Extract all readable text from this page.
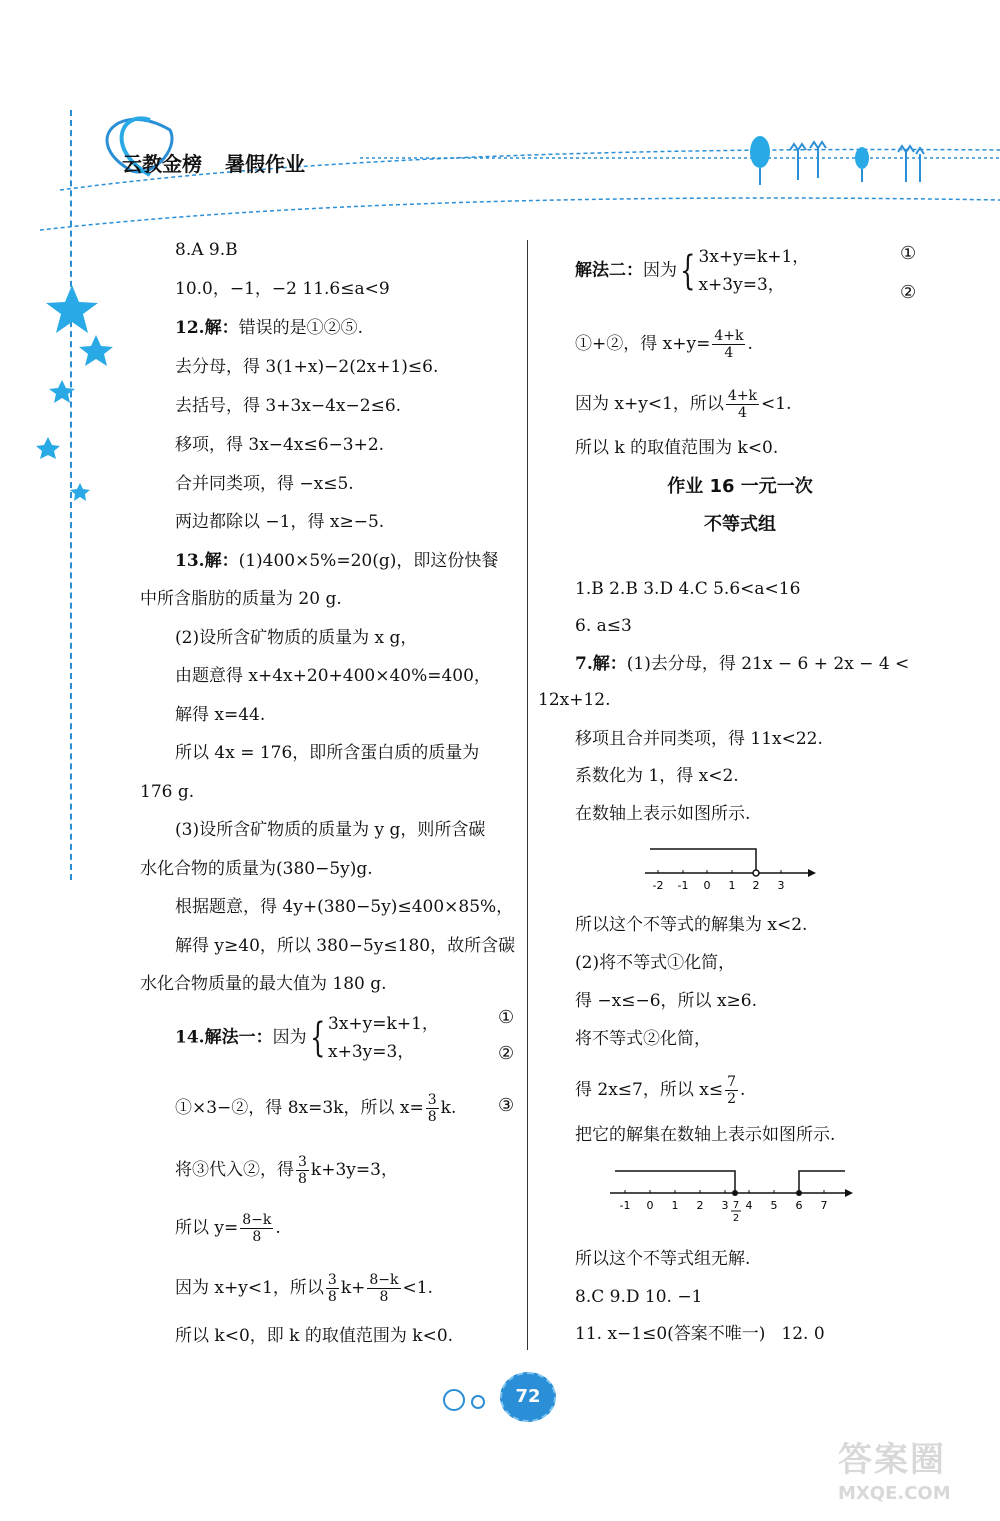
云教金榜 暑假作业
8.A 9.B
10.0，−1，−2 11.6≤a<9
12.解：错误的是①②⑤.
去分母，得 3(1+x)−2(2x+1)≤6.
去括号，得 3+3x−4x−2≤6.
移项，得 3x−4x≤6−3+2.
合并同类项，得 −x≤5.
两边都除以 −1，得 x≥−5.
13.解：(1)400×5%=20(g)，即这份快餐
中所含脂肪的质量为 20 g.
(2)设所含矿物质的质量为 x g，
由题意得 x+4x+20+400×40%=400，
解得 x=44.
所以 4x = 176，即所含蛋白质的质量为
176 g.
(3)设所含矿物质的质量为 y g，则所含碳
水化合物的质量为(380−5y)g.
根据题意，得 4y+(380−5y)≤400×85%，
解得 y≥40，所以 380−5y≤180，故所含碳
水化合物质量的最大值为 180 g.
14.解法一：因为{ 3x+y=k+1，
x+3y=3，
①
②
①×3−②，得 8x=3k，所以 $x= \frac{3}{8} k$. ③
将③代入②，得 $\frac{3}{8} k+3y=3$，
所以 $y= \frac{8-k}{8}$ .
因为 x+y<1，所以 $\frac{3}{8} k+ \frac{8-k}{8} <1$.
所以 k<0，即 k 的取值范围为 k<0.
解法二：因为{ 3x+y=k+1，
x+3y=3，
①
②
①+②，得 $x+y= \frac{4+k}{4}$ .
因为 x+y<1，所以 $\frac{4+k}{4} <1$.
所以 k 的取值范围为 k<0.
作业 16 一元一次
不等式组
1.B 2.B 3.D 4.C 5.6<a<16
6. a≤3
7.解：(1)去分母，得 21x − 6 + 2x − 4 <
12x+12.
移项且合并同类项，得 11x<22.
系数化为 1，得 x<2.
在数轴上表示如图所示.
-2 -1 0 1 2 3
所以这个不等式的解集为 x<2.
(2)将不等式①化简，
得 −x≤−6，所以 x≥6.
将不等式②化简，
得 2x≤7，所以 $x\le \frac{7}{2}$ .
把它的解集在数轴上表示如图所示.
-1 0 1 2 3 4 5 6 7
7
2
所以这个不等式组无解.
8.C 9.D 10. −1
11. x−1≤0(答案不唯一) 12. 0
72
答案圈
MXQE.COM
